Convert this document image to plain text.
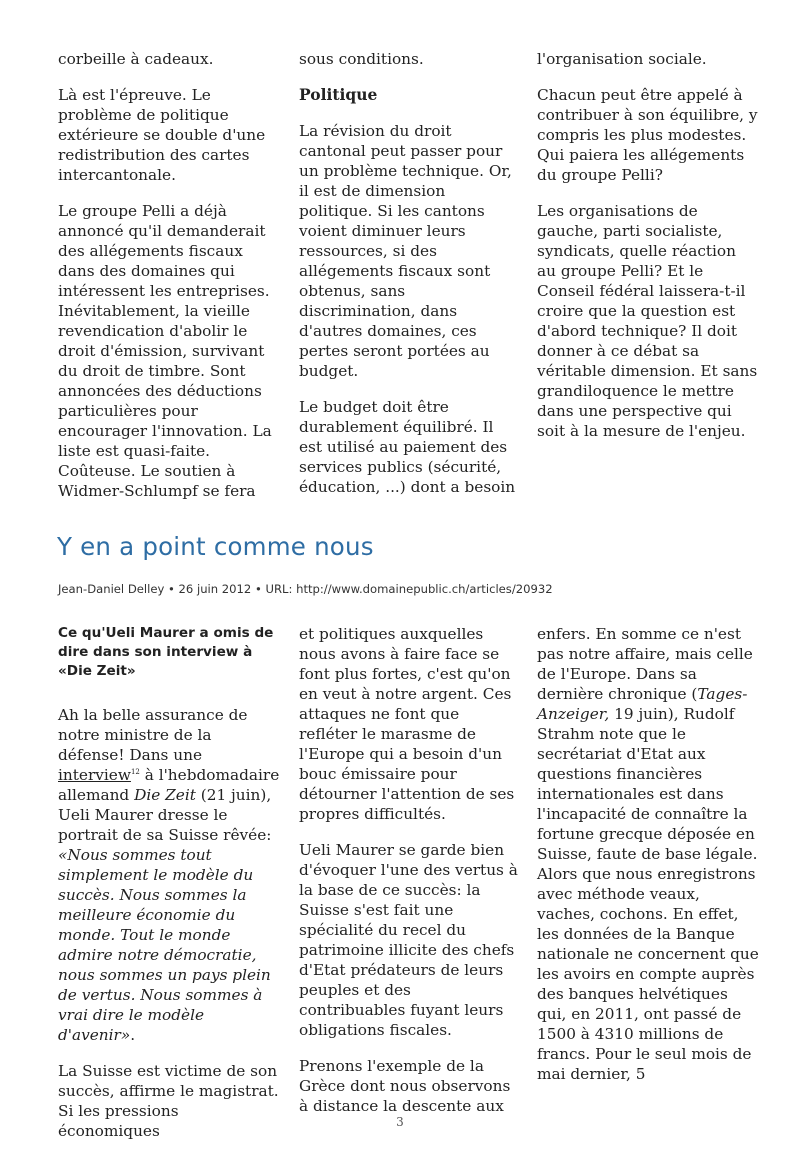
corbeille à cadeaux.

Là est l'épreuve. Le problème de politique extérieure se double d'une redistribution des cartes intercantonale.

Le groupe Pelli a déjà annoncé qu'il demanderait des allégements fiscaux dans des domaines qui intéressent les entreprises. Inévitablement, la vieille revendication d'abolir le droit d'émission, survivant du droit de timbre. Sont annoncées des déductions particulières pour encourager l'innovation. La liste est quasi-faite. Coûteuse. Le soutien à Widmer-Schlumpf se fera

sous conditions.

Politique

La révision du droit cantonal peut passer pour un problème technique. Or, il est de dimension politique. Si les cantons voient diminuer leurs ressources, si des allégements fiscaux sont obtenus, sans discrimination, dans d'autres domaines, ces pertes seront portées au budget.

Le budget doit être durablement équilibré. Il est utilisé au paiement des services publics (sécurité, éducation, ...) dont a besoin

l'organisation sociale.

Chacun peut être appelé à contribuer à son équilibre, y compris les plus modestes. Qui paiera les allégements du groupe Pelli?

Les organisations de gauche, parti socialiste, syndicats, quelle réaction au groupe Pelli? Et le Conseil fédéral laissera-t-il croire que la question est d'abord technique? Il doit donner à ce débat sa véritable dimension. Et sans grandiloquence le mettre dans une perspective qui soit à la mesure de l'enjeu.

Y en a point comme nous
Jean-Daniel Delley • 26 juin 2012 • URL: http://www.domainepublic.ch/articles/20932
Ce qu'Ueli Maurer a omis de dire dans son interview à «Die Zeit»

Ah la belle assurance de notre ministre de la défense! Dans une interview$^{12}$ à l'hebdomadaire allemand Die Zeit (21 juin), Ueli Maurer dresse le portrait de sa Suisse rêvée: «Nous sommes tout simplement le modèle du succès. Nous sommes la meilleure économie du monde. Tout le monde admire notre démocratie, nous sommes un pays plein de vertus. Nous sommes à vrai dire le modèle d'avenir».

La Suisse est victime de son succès, affirme le magistrat. Si les pressions économiques

et politiques auxquelles nous avons à faire face se font plus fortes, c'est qu'on en veut à notre argent. Ces attaques ne font que refléter le marasme de l'Europe qui a besoin d'un bouc émissaire pour détourner l'attention de ses propres difficultés.

Ueli Maurer se garde bien d'évoquer l'une des vertus à la base de ce succès: la Suisse s'est fait une spécialité du recel du patrimoine illicite des chefs d'Etat prédateurs de leurs peuples et des contribuables fuyant leurs obligations fiscales.

Prenons l'exemple de la Grèce dont nous observons à distance la descente aux

enfers. En somme ce n'est pas notre affaire, mais celle de l'Europe. Dans sa dernière chronique (Tages-Anzeiger, 19 juin), Rudolf Strahm note que le secrétariat d'Etat aux questions financières internationales est dans l'incapacité de connaître la fortune grecque déposée en Suisse, faute de base légale. Alors que nous enregistrons avec méthode veaux, vaches, cochons. En effet, les données de la Banque nationale ne concernent que les avoirs en compte auprès des banques helvétiques qui, en 2011, ont passé de 1500 à 4310 millions de francs. Pour le seul mois de mai dernier, 5

3
